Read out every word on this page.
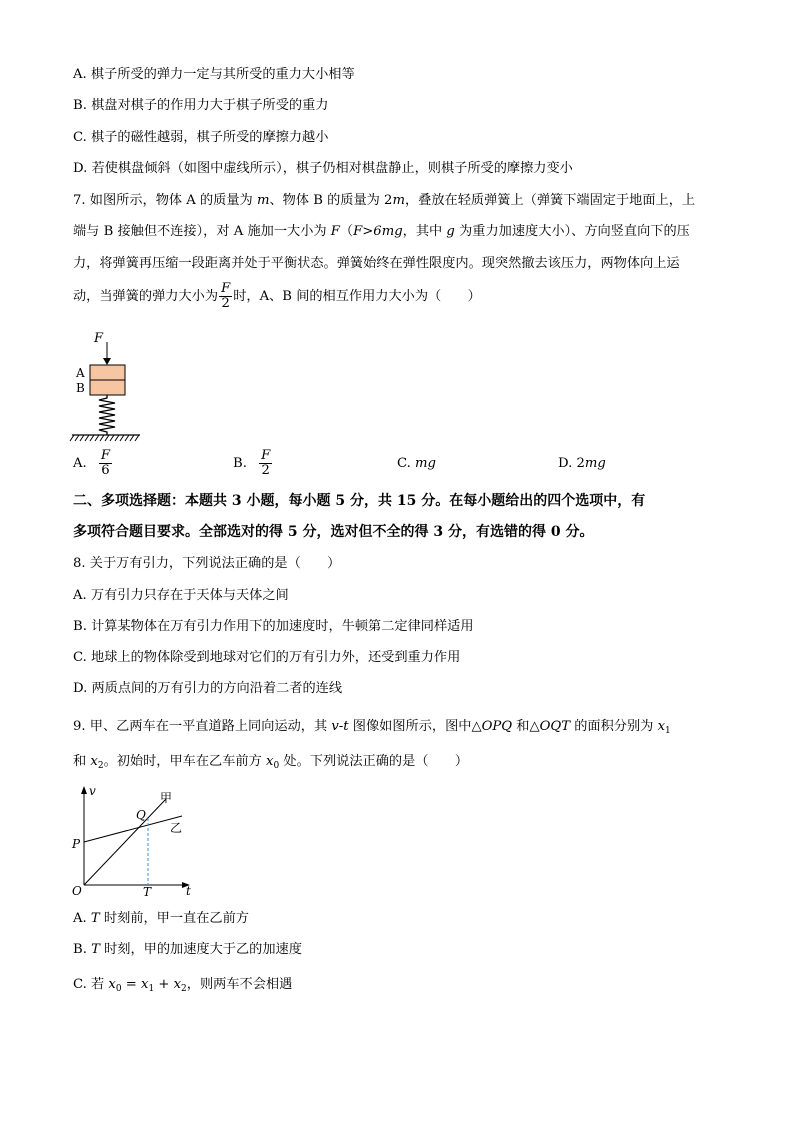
A. 棋子所受的弹力一定与其所受的重力大小相等
B. 棋盘对棋子的作用力大于棋子所受的重力
C. 棋子的磁性越弱，棋子所受的摩擦力越小
D. 若使棋盘倾斜（如图中虚线所示），棋子仍相对棋盘静止，则棋子所受的摩擦力变小
7. 如图所示，物体 A 的质量为 m、物体 B 的质量为 2m，叠放在轻质弹簧上（弹簧下端固定于地面上，上
端与 B 接触但不连接），对 A 施加一大小为 F（F>6mg，其中 g 为重力加速度大小）、方向竖直向下的压
力，将弹簧再压缩一段距离并处于平衡状态。弹簧始终在弹性限度内。现突然撤去该压力，两物体向上运
动，当弹簧的弹力大小为 $\frac{F}{2}$ 时，A、B 间的相互作用力大小为（　　）
F
A
B
A. $\frac{F}{6}$	B. $\frac{F}{2}$	C. mg	D. 2mg
二、多项选择题：本题共 3 小题，每小题 5 分，共 15 分。在每小题给出的四个选项中，有
多项符合题目要求。全部选对的得 5 分，选对但不全的得 3 分，有选错的得 0 分。
8. 关于万有引力，下列说法正确的是（　　）
A. 万有引力只存在于天体与天体之间
B. 计算某物体在万有引力作用下的加速度时，牛顿第二定律同样适用
C. 地球上的物体除受到地球对它们的万有引力外，还受到重力作用
D. 两质点间的万有引力的方向沿着二者的连线
9. 甲、乙两车在一平直道路上同向运动，其 v-t 图像如图所示，图中△OPQ 和△OQT 的面积分别为 $x_1$
和 $x_2$。初始时，甲车在乙车前方 $x_0$ 处。下列说法正确的是（　　）
v
t
O
P
Q
T
甲
乙
A. T 时刻前，甲一直在乙前方
B. T 时刻，甲的加速度大于乙的加速度
C. 若 $x_0 = x_1 + x_2$，则两车不会相遇
